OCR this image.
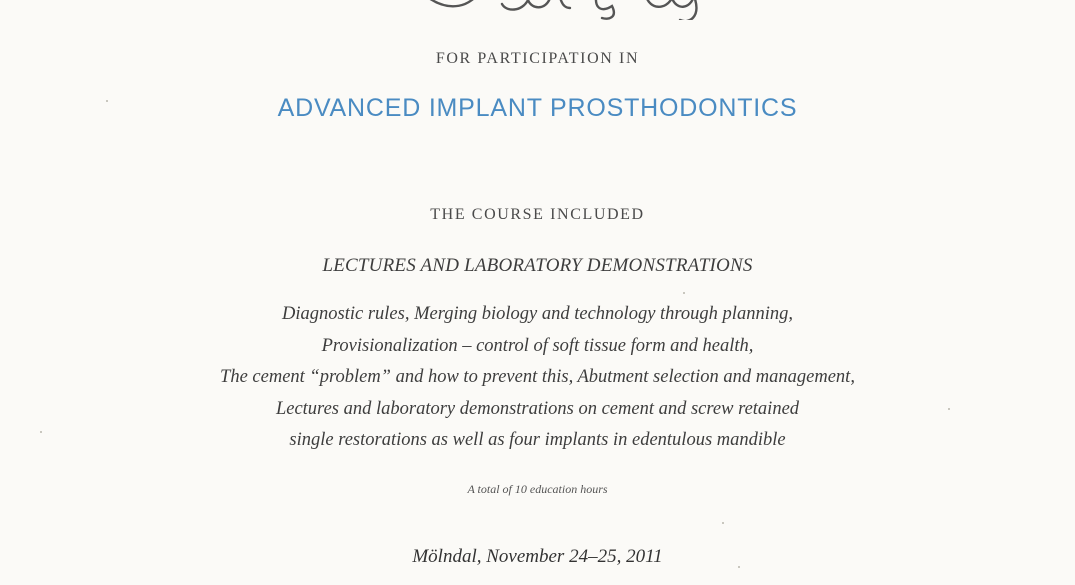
FOR PARTICIPATION IN
ADVANCED IMPLANT PROSTHODONTICS
THE COURSE INCLUDED
LECTURES AND LABORATORY DEMONSTRATIONS
Diagnostic rules, Merging biology and technology through planning,
Provisionalization – control of soft tissue form and health,
The cement “problem” and how to prevent this, Abutment selection and management,
Lectures and laboratory demonstrations on cement and screw retained
single restorations as well as four implants in edentulous mandible
A total of 10 education hours
Mölndal, November 24–25, 2011
